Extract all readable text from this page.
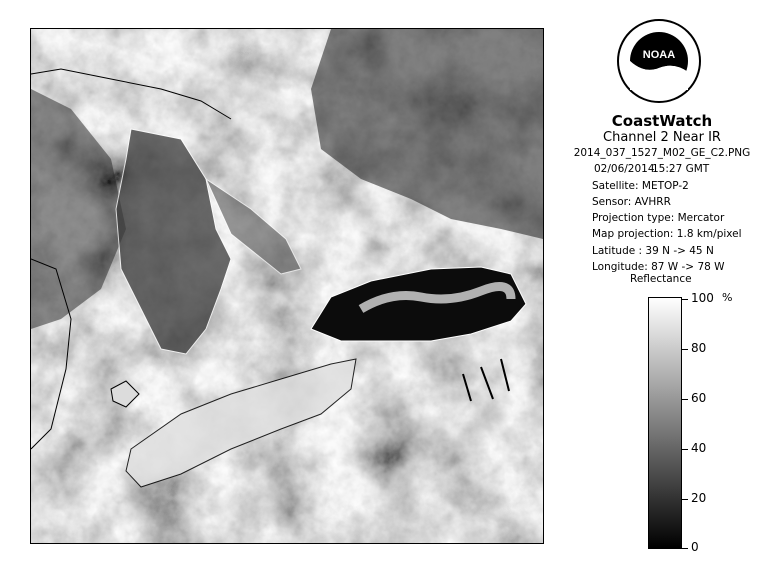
NOAA
CoastWatch
Channel 2 Near IR
2014_037_1527_M02_GE_C2.PNG
02/06/2014
15:27 GMT
Satellite: METOP-2
Sensor: AVHRR
Projection type: Mercator
Map projection: 1.8 km/pixel
Latitude : 39 N -> 45 N
Longitude: 87 W -> 78 W
Reflectance
%
100
80
60
40
20
0
